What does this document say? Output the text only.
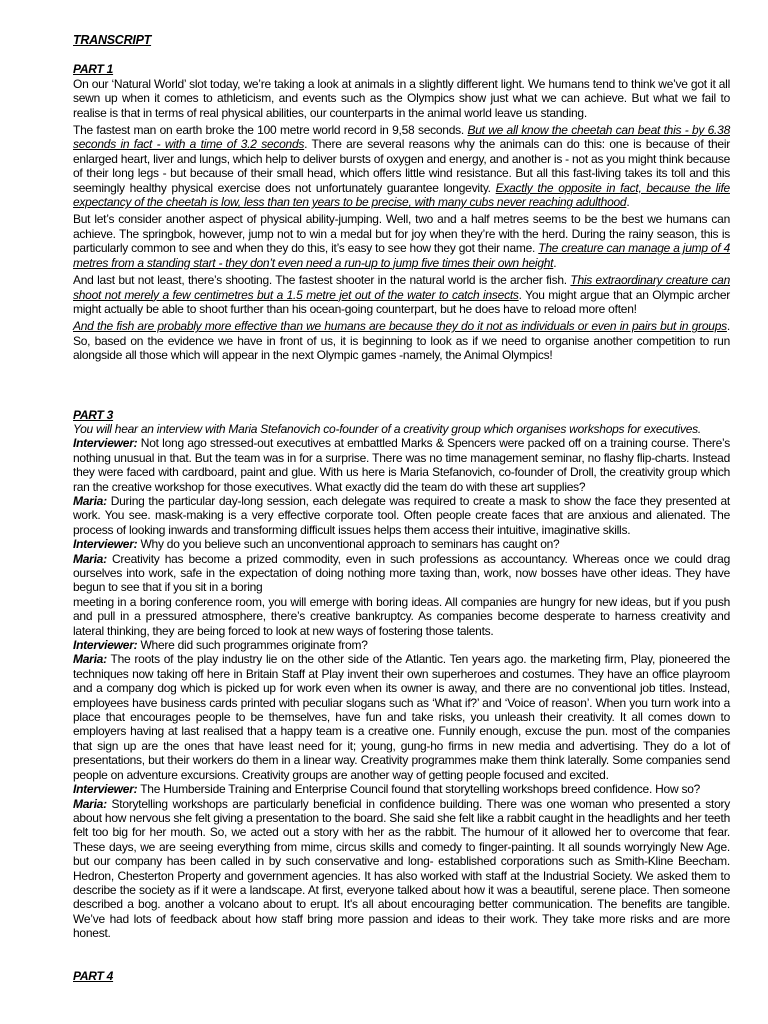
TRANSCRIPT
PART 1

On our ‘Natural World’ slot today, we’re taking a look at animals in a slightly different light. We humans tend to think we’ve got it all sewn up when it comes to athleticism, and events such as the Olympics show just what we can achieve. But what we fail to realise is that in terms of real physical abilities, our counterparts in the animal world leave us standing.

The fastest man on earth broke the 100 metre world record in 9,58 seconds. But we all know the cheetah can beat this - by 6.38 seconds in fact - with a time of 3.2 seconds. There are several reasons why the animals can do this: one is because of their enlarged heart, liver and lungs, which help to deliver bursts of oxygen and energy, and another is - not as you might think because of their long legs - but because of their small head, which offers little wind resistance. But all this fast-living takes its toll and this seemingly healthy physical exercise does not unfortunately guarantee longevity. Exactly the opposite in fact, because the life expectancy of the cheetah is low, less than ten years to be precise, with many cubs never reaching adulthood.

But let’s consider another aspect of physical ability-jumping. Well, two and a half metres seems to be the best we humans can achieve. The springbok, however, jump not to win a medal but for joy when they’re with the herd. During the rainy season, this is particularly common to see and when they do this, it’s easy to see how they got their name. The creature can manage a jump of 4 metres from a standing start - they don’t even need a run-up to jump five times their own height.

And last but not least, there’s shooting. The fastest shooter in the natural world is the archer fish. This extraordinary creature can shoot not merely a few centimetres but a 1.5 metre jet out of the water to catch insects. You might argue that an Olympic archer might actually be able to shoot further than his ocean-going counterpart, but he does have to reload more often!

And the fish are probably more effective than we humans are because they do it not as individuals or even in pairs but in groups. So, based on the evidence we have in front of us, it is beginning to look as if we need to organise another competition to run alongside all those which will appear in the next Olympic games -namely, the Animal Olympics!

PART 3

You will hear an interview with Maria Stefanovich co-founder of a creativity group which organises workshops for executives.

Interviewer: Not long ago stressed-out executives at embattled Marks & Spencers were packed off on a training course. There’s nothing unusual in that. But the team was in for a surprise. There was no time management seminar, no flashy flip-charts. Instead they were faced with cardboard, paint and glue. With us here is Maria Stefanovich, co-founder of Droll, the creativity group which ran the creative workshop for those executives. What exactly did the team do with these art supplies?

Maria: During the particular day-long session, each delegate was required to create a mask to show the face they presented at work. You see. mask-making is a very effective corporate tool. Often people create faces that are anxious and alienated. The process of looking inwards and transforming difficult issues helps them access their intuitive, imaginative skills.

Interviewer: Why do you believe such an unconventional approach to seminars has caught on?

Maria: Creativity has become a prized commodity, even in such professions as accountancy. Whereas once we could drag ourselves into work, safe in the expectation of doing nothing more taxing than, work, now bosses have other ideas. They have begun to see that if you sit in a boring

meeting in a boring conference room, you will emerge with boring ideas. All companies are hungry for new ideas, but if you push and pull in a pressured atmosphere, there’s creative bankruptcy. As companies become desperate to harness creativity and lateral thinking, they are being forced to look at new ways of fostering those talents.

Interviewer: Where did such programmes originate from?

Maria: The roots of the play industry lie on the other side of the Atlantic. Ten years ago. the marketing firm, Play, pioneered the techniques now taking off here in Britain Staff at Play invent their own superheroes and costumes. They have an office playroom and a company dog which is picked up for work even when its owner is away, and there are no conventional job titles. Instead, employees have business cards printed with peculiar slogans such as ‘What if?’ and ‘Voice of reason’. When you turn work into a place that encourages people to be themselves, have fun and take risks, you unleash their creativity. It all comes down to employers having at last realised that a happy team is a creative one. Funnily enough, excuse the pun. most of the companies that sign up are the ones that have least need for it; young, gung-ho firms in new media and advertising. They do a lot of presentations, but their workers do them in a linear way. Creativity programmes make them think laterally. Some companies send people on adventure excursions. Creativity groups are another way of getting people focused and excited.

Interviewer: The Humberside Training and Enterprise Council found that storytelling workshops breed confidence. How so?

Maria: Storytelling workshops are particularly beneficial in confidence building. There was one woman who presented a story about how nervous she felt giving a presentation to the board. She said she felt like a rabbit caught in the headlights and her teeth felt too big for her mouth. So, we acted out a story with her as the rabbit. The humour of it allowed her to overcome that fear. These days, we are seeing everything from mime, circus skills and comedy to finger-painting. It all sounds worryingly New Age. but our company has been called in by such conservative and long- established corporations such as Smith-Kline Beecham. Hedron, Chesterton Property and government agencies. It has also worked with staff at the Industrial Society. We asked them to describe the society as if it were a landscape. At first, everyone talked about how it was a beautiful, serene place. Then someone described a bog. another a volcano about to erupt. It's all about encouraging better communication. The benefits are tangible. We’ve had lots of feedback about how staff bring more passion and ideas to their work. They take more risks and are more honest.

PART 4
